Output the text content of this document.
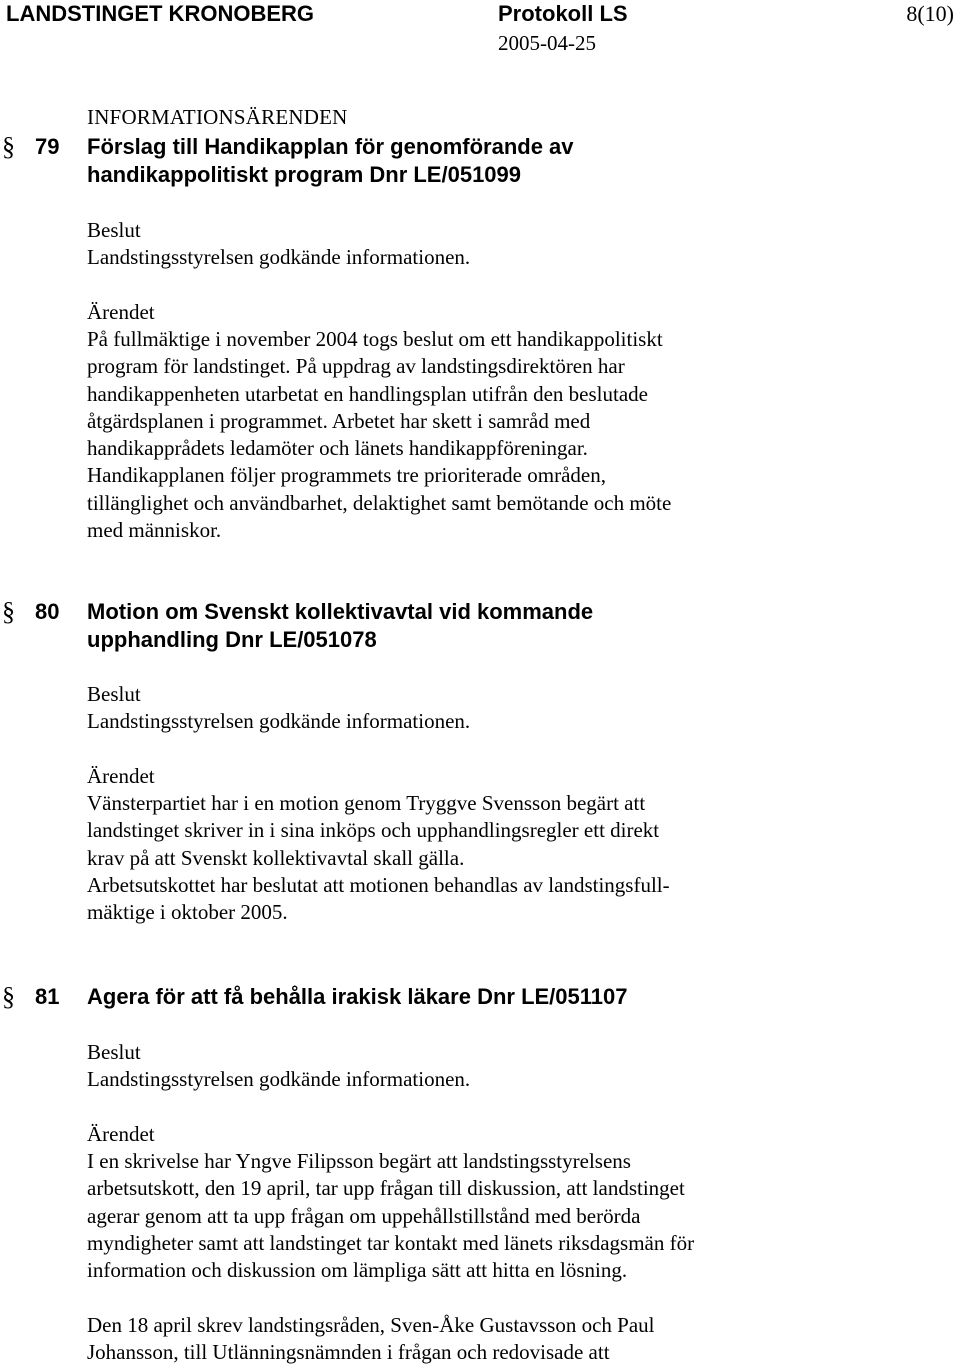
LANDSTINGET KRONOBERG	Protokoll LS
2005-04-25
8(10)
INFORMATIONSÄRENDEN
§ 79 Förslag till Handikapplan för genomförande av
handikappolitiskt program Dnr LE/051099
Beslut
Landstingsstyrelsen godkände informationen.
Ärendet
På fullmäktige i november 2004 togs beslut om ett handikappolitiskt
program för landstinget. På uppdrag av landstingsdirektören har
handikappenheten utarbetat en handlingsplan utifrån den beslutade
åtgärdsplanen i programmet. Arbetet har skett i samråd med
handikapprådets ledamöter och länets handikappföreningar.
Handikapplanen följer programmets tre prioriterade områden,
tillänglighet och användbarhet, delaktighet samt bemötande och möte
med människor.
§ 80 Motion om Svenskt kollektivavtal vid kommande
upphandling Dnr LE/051078
Beslut
Landstingsstyrelsen godkände informationen.
Ärendet
Vänsterpartiet har i en motion genom Tryggve Svensson begärt att
landstinget skriver in i sina inköps och upphandlingsregler ett direkt
krav på att Svenskt kollektivavtal skall gälla.
Arbetsutskottet har beslutat att motionen behandlas av landstingsfull-
mäktige i oktober 2005.
§ 81 Agera för att få behålla irakisk läkare Dnr LE/051107
Beslut
Landstingsstyrelsen godkände informationen.
Ärendet
I en skrivelse har Yngve Filipsson begärt att landstingsstyrelsens
arbetsutskott, den 19 april, tar upp frågan till diskussion, att landstinget
agerar genom att ta upp frågan om uppehållstillstånd med berörda
myndigheter samt att landstinget tar kontakt med länets riksdagsmän för
information och diskussion om lämpliga sätt att hitta en lösning.
Den 18 april skrev landstingsråden, Sven-Åke Gustavsson och Paul
Johansson, till Utlänningsnämnden i frågan och redovisade att
